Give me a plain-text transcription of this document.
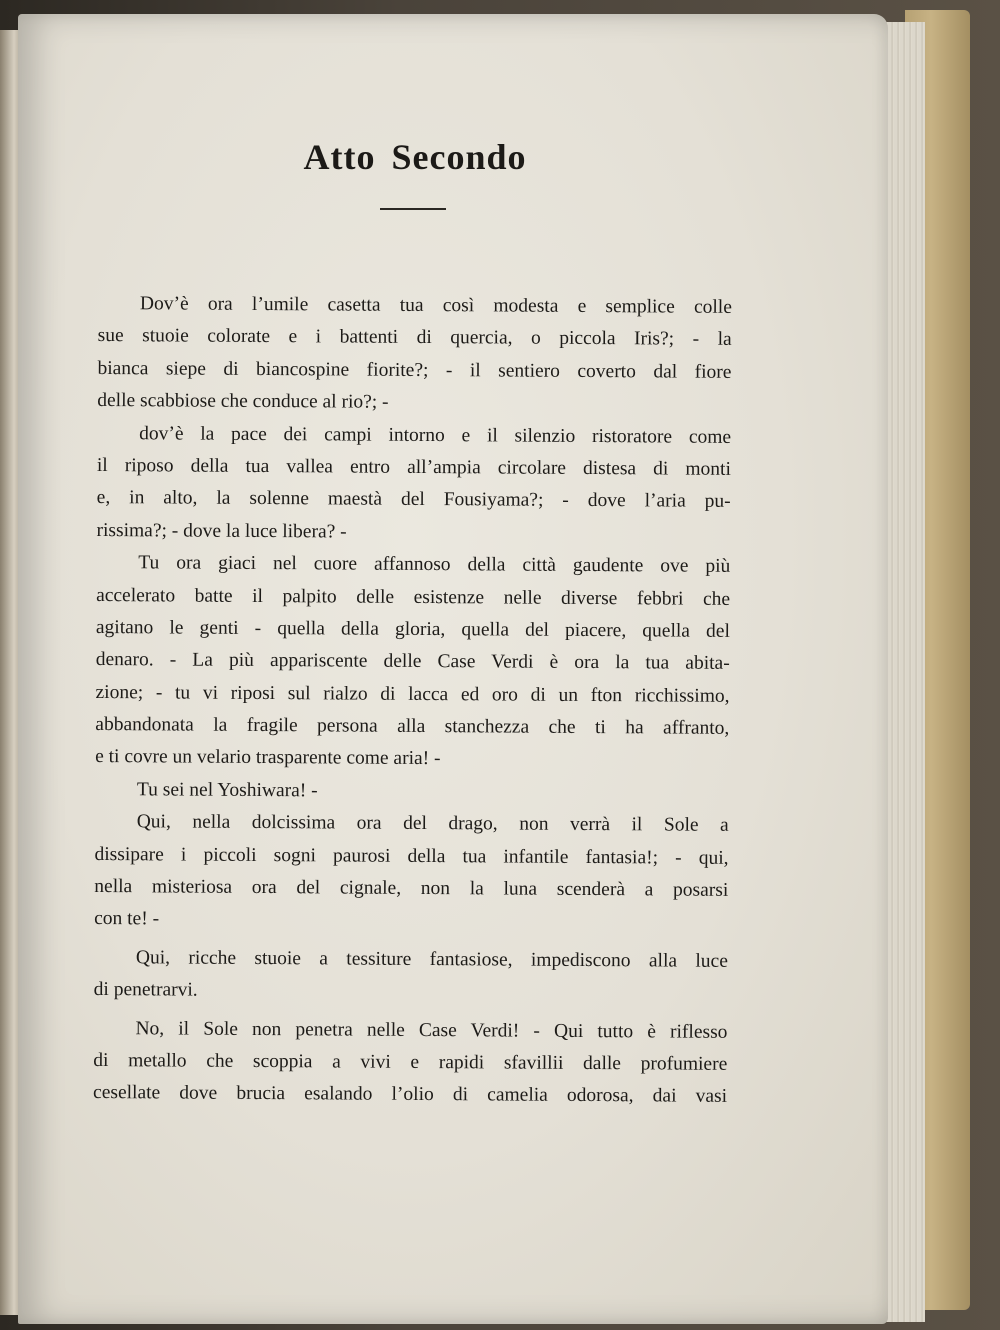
Atto Secondo
Dov’è ora l’umile casetta tua così modesta e semplice colle
sue stuoie colorate e i battenti di quercia, o piccola Iris?; - la
bianca siepe di biancospine fiorite?; - il sentiero coverto dal fiore
delle scabbiose che conduce al rio?; -
dov’è la pace dei campi intorno e il silenzio ristoratore come
il riposo della tua vallea entro all’ampia circolare distesa di monti
e, in alto, la solenne maestà del Fousiyama?; - dove l’aria pu-
rissima?; - dove la luce libera? -
Tu ora giaci nel cuore affannoso della città gaudente ove più
accelerato batte il palpito delle esistenze nelle diverse febbri che
agitano le genti - quella della gloria, quella del piacere, quella del
denaro. - La più appariscente delle Case Verdi è ora la tua abita-
zione; - tu vi riposi sul rialzo di lacca ed oro di un fton ricchissimo,
abbandonata la fragile persona alla stanchezza che ti ha affranto,
e ti covre un velario trasparente come aria! -
Tu sei nel Yoshiwara! -
Qui, nella dolcissima ora del drago, non verrà il Sole a
dissipare i piccoli sogni paurosi della tua infantile fantasia!; - qui,
nella misteriosa ora del cignale, non la luna scenderà a posarsi
con te! -
Qui, ricche stuoie a tessiture fantasiose, impediscono alla luce
di penetrarvi.
No, il Sole non penetra nelle Case Verdi! - Qui tutto è riflesso
di metallo che scoppia a vivi e rapidi sfavillii dalle profumiere
cesellate dove brucia esalando l’olio di camelia odorosa, dai vasi
